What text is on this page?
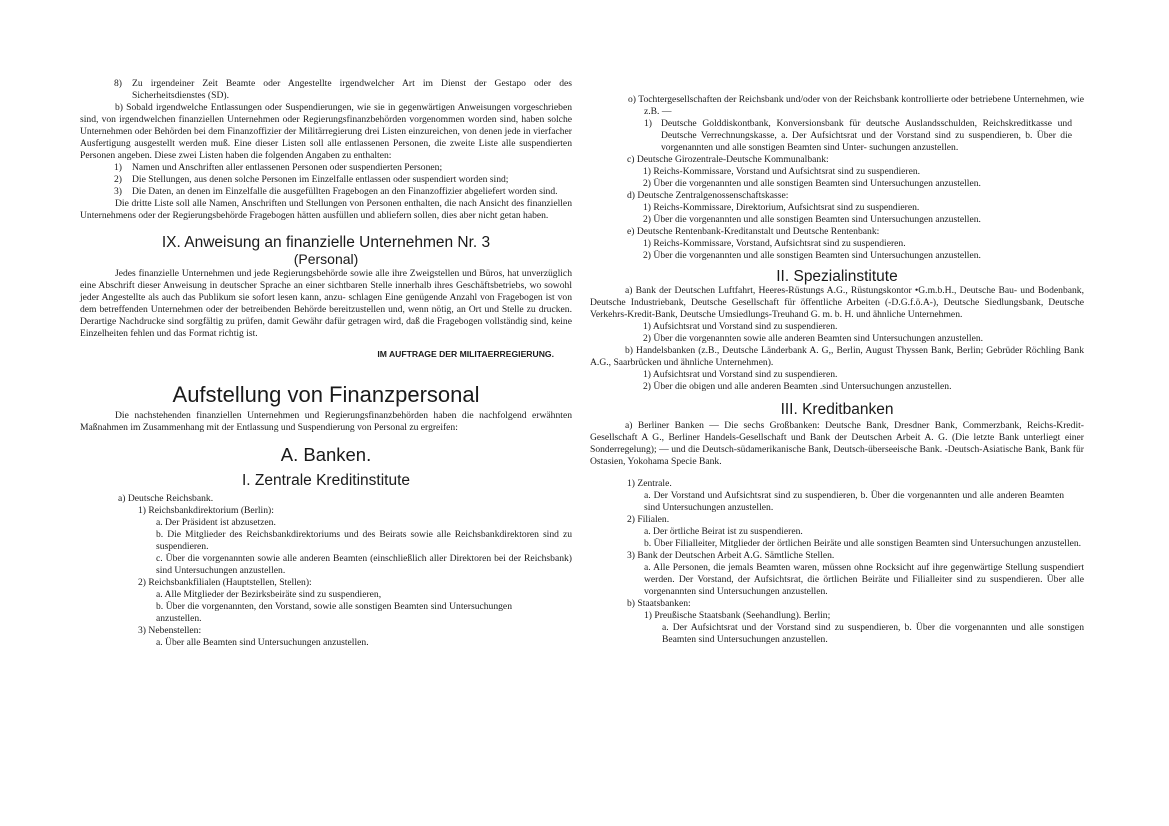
8) Zu irgendeiner Zeit Beamte oder Angestellte irgendwelcher Art im Dienst der Gestapo oder des Sicherheitsdienstes (SD).

b) Sobald irgendwelche Entlassungen oder Suspendierungen, wie sie in gegenwärtigen Anweisungen vorgeschrieben sind, von irgendwelchen finanziellen Unternehmen oder Regierungsfinanzbehörden vorgenommen worden sind, haben solche Unternehmen oder Behörden bei dem Finanzoffizier der Militärregierung drei Listen einzureichen, von denen jede in vierfacher Ausfertigung ausgestellt werden muß. Eine dieser Listen soll alle entlassenen Personen, die zweite Liste alle suspendierten Personen angeben. Diese zwei Listen haben die folgenden Angaben zu enthalten:

1) Namen und Anschriften aller entlassenen Personen oder suspendierten Personen;
2) Die Stellungen, aus denen solche Personen im Einzelfalle entlassen oder suspendiert worden sind;
3) Die Daten, an denen im Einzelfalle die ausgefüllten Fragebogen an den Finanzoffizier abgeliefert worden sind.

Die dritte Liste soll alle Namen, Anschriften und Stellungen von Personen enthalten, die nach Ansicht des finanziellen Unternehmens oder der Regierungsbehörde Fragebogen hätten ausfüllen und abliefern sollen, dies aber nicht getan haben.

IX. Anweisung an finanzielle Unternehmen Nr. 3

(Personal)

Jedes finanzielle Unternehmen und jede Regierungsbehörde sowie alle ihre Zweigstellen und Büros, hat unverzüglich eine Abschrift dieser Anweisung in deutscher Sprache an einer sichtbaren Stelle innerhalb ihres Geschäftsbetriebs, wo sowohl jeder Angestellte als auch das Publikum sie sofort lesen kann, anzu- schlagen Eine genügende Anzahl von Fragebogen ist von dem betreffenden Unternehmen oder der betreibenden Behörde bereitzustellen und, wenn nötig, an Ort und Stelle zu drucken. Derartige Nachdrucke sind sorgfältig zu prüfen, damit Gewähr dafür getragen wird, daß die Fragebogen vollständig sind, keine Einzelheiten fehlen und das Format richtig ist.

IM AUFTRAGE DER MILITAERREGIERUNG.

Aufstellung von Finanzpersonal

Die nachstehenden finanziellen Unternehmen und Regierungsfinanzbehörden haben die nachfolgend erwähnten Maßnahmen im Zusammenhang mit der Entlassung und Suspendierung von Personal zu ergreifen:

A. Banken.

I. Zentrale Kreditinstitute

a) Deutsche Reichsbank.

1) Reichsbankdirektorium (Berlin):

a. Der Präsident ist abzusetzen.

b. Die Mitglieder des Reichsbankdirektoriums und des Beirats sowie alle Reichsbankdirektoren sind zu suspendieren.

c. Über die vorgenannten sowie alle anderen Beamten (einschließlich aller Direktoren bei der Reichsbank) sind Untersuchungen anzustellen.

2) Reichsbankfilialen (Hauptstellen, Stellen):

a. Alle Mitglieder der Bezirksbeiräte sind zu suspendieren,

b. Über die vorgenannten, den Vorstand, sowie alle sonstigen Beamten sind Untersuchungen anzustellen.

3) Nebenstellen:

a. Über alle Beamten sind Untersuchungen anzustellen.

o) Tochtergesellschaften der Reichsbank und/oder von der Reichsbank kontrollierte oder betriebene Unternehmen, wie z.B. —

1) Deutsche Golddiskontbank, Konversionsbank für deutsche Auslandsschulden, Reichskreditkasse und Deutsche Verrechnungskasse, a. Der Aufsichtsrat und der Vorstand sind zu suspendieren, b. Über die vorgenannten und alle sonstigen Beamten sind Unter- suchungen anzustellen.

c) Deutsche Girozentrale-Deutsche Kommunalbank:

1) Reichs-Kommissare, Vorstand und Aufsichtsrat sind zu suspendieren.

2) Über die vorgenannten und alle sonstigen Beamten sind Untersuchungen anzustellen.

d) Deutsche Zentralgenossenschaftskasse:

1) Reichs-Kommissare, Direktorium, Aufsichtsrat sind zu suspendieren.

2) Über die vorgenannten und alle sonstigen Beamten sind Untersuchungen anzustellen.

e) Deutsche Rentenbank-Kreditanstalt und Deutsche Rentenbank:

1) Reichs-Kommissare, Vorstand, Aufsichtsrat sind zu suspendieren.

2) Über die vorgenannten und alle sonstigen Beamten sind Untersuchungen anzustellen.

II. Spezialinstitute

a) Bank der Deutschen Luftfahrt, Heeres-Rüstungs A.G., Rüstungskontor •G.m.b.H., Deutsche Bau- und Bodenbank, Deutsche Industriebank, Deutsche Gesellschaft für öffentliche Arbeiten (-D.G.f.ö.A-), Deutsche Siedlungsbank, Deutsche Verkehrs-Kredit-Bank, Deutsche Umsiedlungs-Treuhand G. m. b. H. und ähnliche Unternehmen.

1) Aufsichtsrat und Vorstand sind zu suspendieren.

2) Über die vorgenannten sowie alle anderen Beamten sind Untersuchungen anzustellen.

b) Handelsbanken (z.B., Deutsche Länderbank A. G,, Berlin, August Thyssen Bank, Berlin; Gebrüder Röchling Bank A.G., Saarbrücken und ähnliche Unternehmen).

1) Aufsichtsrat und Vorstand sind zu suspendieren.

2) Über die obigen und alle anderen Beamten .sind Untersuchungen anzustellen.

III. Kreditbanken

a) Berliner Banken — Die sechs Großbanken: Deutsche Bank, Dresdner Bank, Commerzbank, Reichs-Kredit-Gesellschaft A G., Berliner Handels-Gesellschaft und Bank der Deutschen Arbeit A. G. (Die letzte Bank unterliegt einer Sonderregelung); — und die Deutsch-südamerikanische Bank, Deutsch-überseeische Bank. -Deutsch-Asiatische Bank, Bank für Ostasien, Yokohama Specie Bank.

1) Zentrale.

a. Der Vorstand und Aufsichtsrat sind zu suspendieren, b. Über die vorgenannten und alle anderen Beamten sind Untersuchungen anzustellen.

2) Filialen.

a. Der örtliche Beirat ist zu suspendieren.

b. Über Filialleiter, Mitglieder der örtlichen Beiräte und alle sonstigen Beamten sind Untersuchungen anzustellen.

3) Bank der Deutschen Arbeit A.G. Sämtliche Stellen.

a. Alle Personen, die jemals Beamten waren, müssen ohne Rocksicht auf ihre gegenwärtige Stellung suspendiert werden. Der Vorstand, der Aufsichtsrat, die örtlichen Beiräte und Filialleiter sind zu suspendieren. Über alle vorgenannten sind Untersuchungen anzustellen.

b) Staatsbanken:

1) Preußische Staatsbank (Seehandlung). Berlin;

a. Der Aufsichtsrat und der Vorstand sind zu suspendieren, b. Über die vorgenannten und alle sonstigen Beamten sind Untersuchungen anzustellen.
